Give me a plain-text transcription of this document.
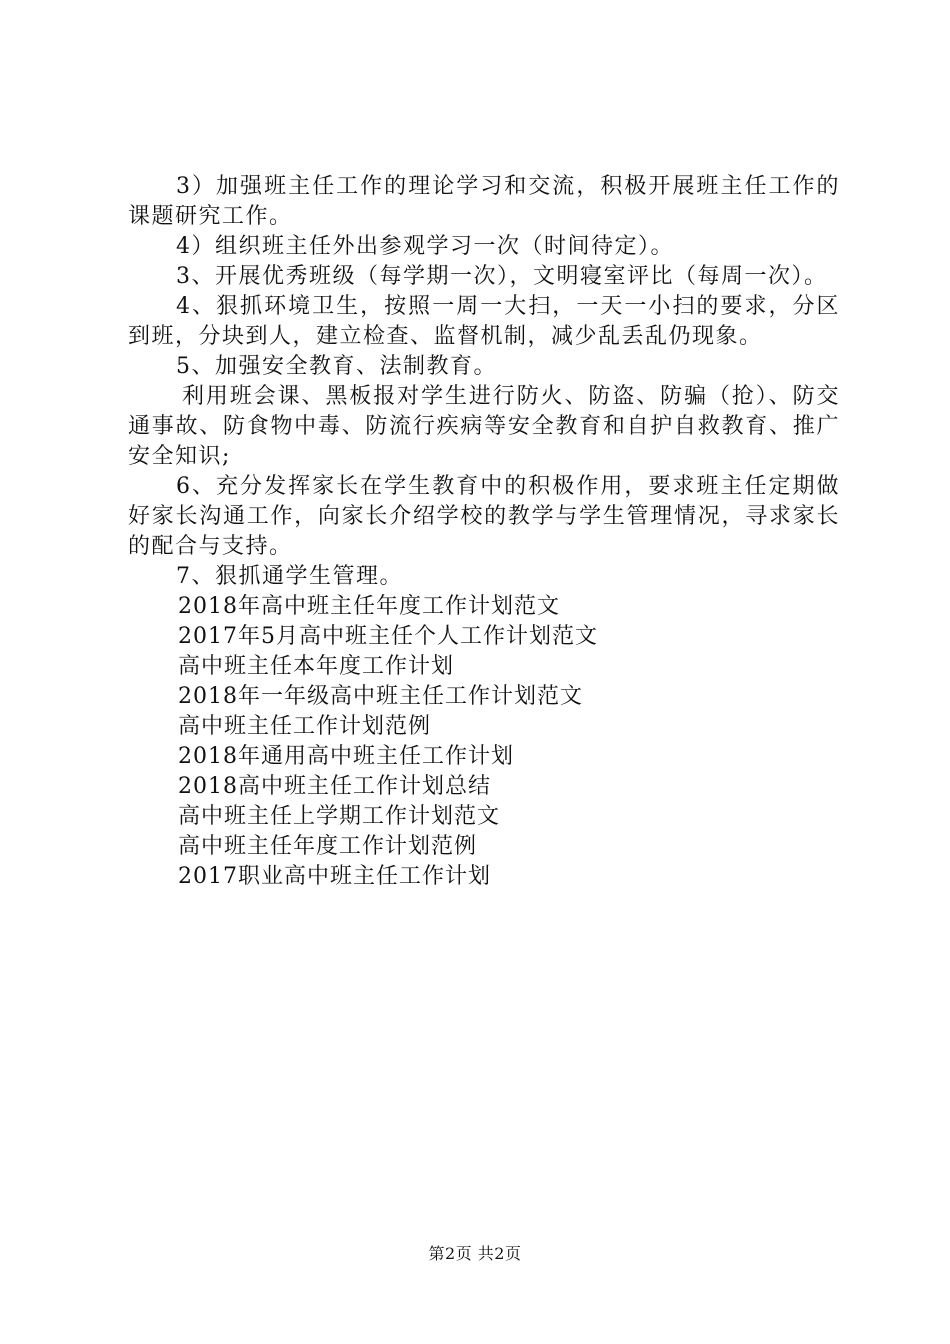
3）加强班主任工作的理论学习和交流，积极开展班主任工作的课题研究工作。

4）组织班主任外出参观学习一次（时间待定）。

3、开展优秀班级（每学期一次），文明寝室评比（每周一次）。

4、狠抓环境卫生，按照一周一大扫，一天一小扫的要求，分区到班，分块到人，建立检查、监督机制，减少乱丢乱仍现象。

5、加强安全教育、法制教育。

利用班会课、黑板报对学生进行防火、防盗、防骗（抢）、防交通事故、防食物中毒、防流行疾病等安全教育和自护自救教育、推广安全知识;

6、充分发挥家长在学生教育中的积极作用，要求班主任定期做好家长沟通工作，向家长介绍学校的教学与学生管理情况，寻求家长的配合与支持。

7、狠抓通学生管理。

2018年高中班主任年度工作计划范文
2017年5月高中班主任个人工作计划范文
高中班主任本年度工作计划
2018年一年级高中班主任工作计划范文
高中班主任工作计划范例
2018年通用高中班主任工作计划
2018高中班主任工作计划总结
高中班主任上学期工作计划范文
高中班主任年度工作计划范例
2017职业高中班主任工作计划
第2页 共2页
